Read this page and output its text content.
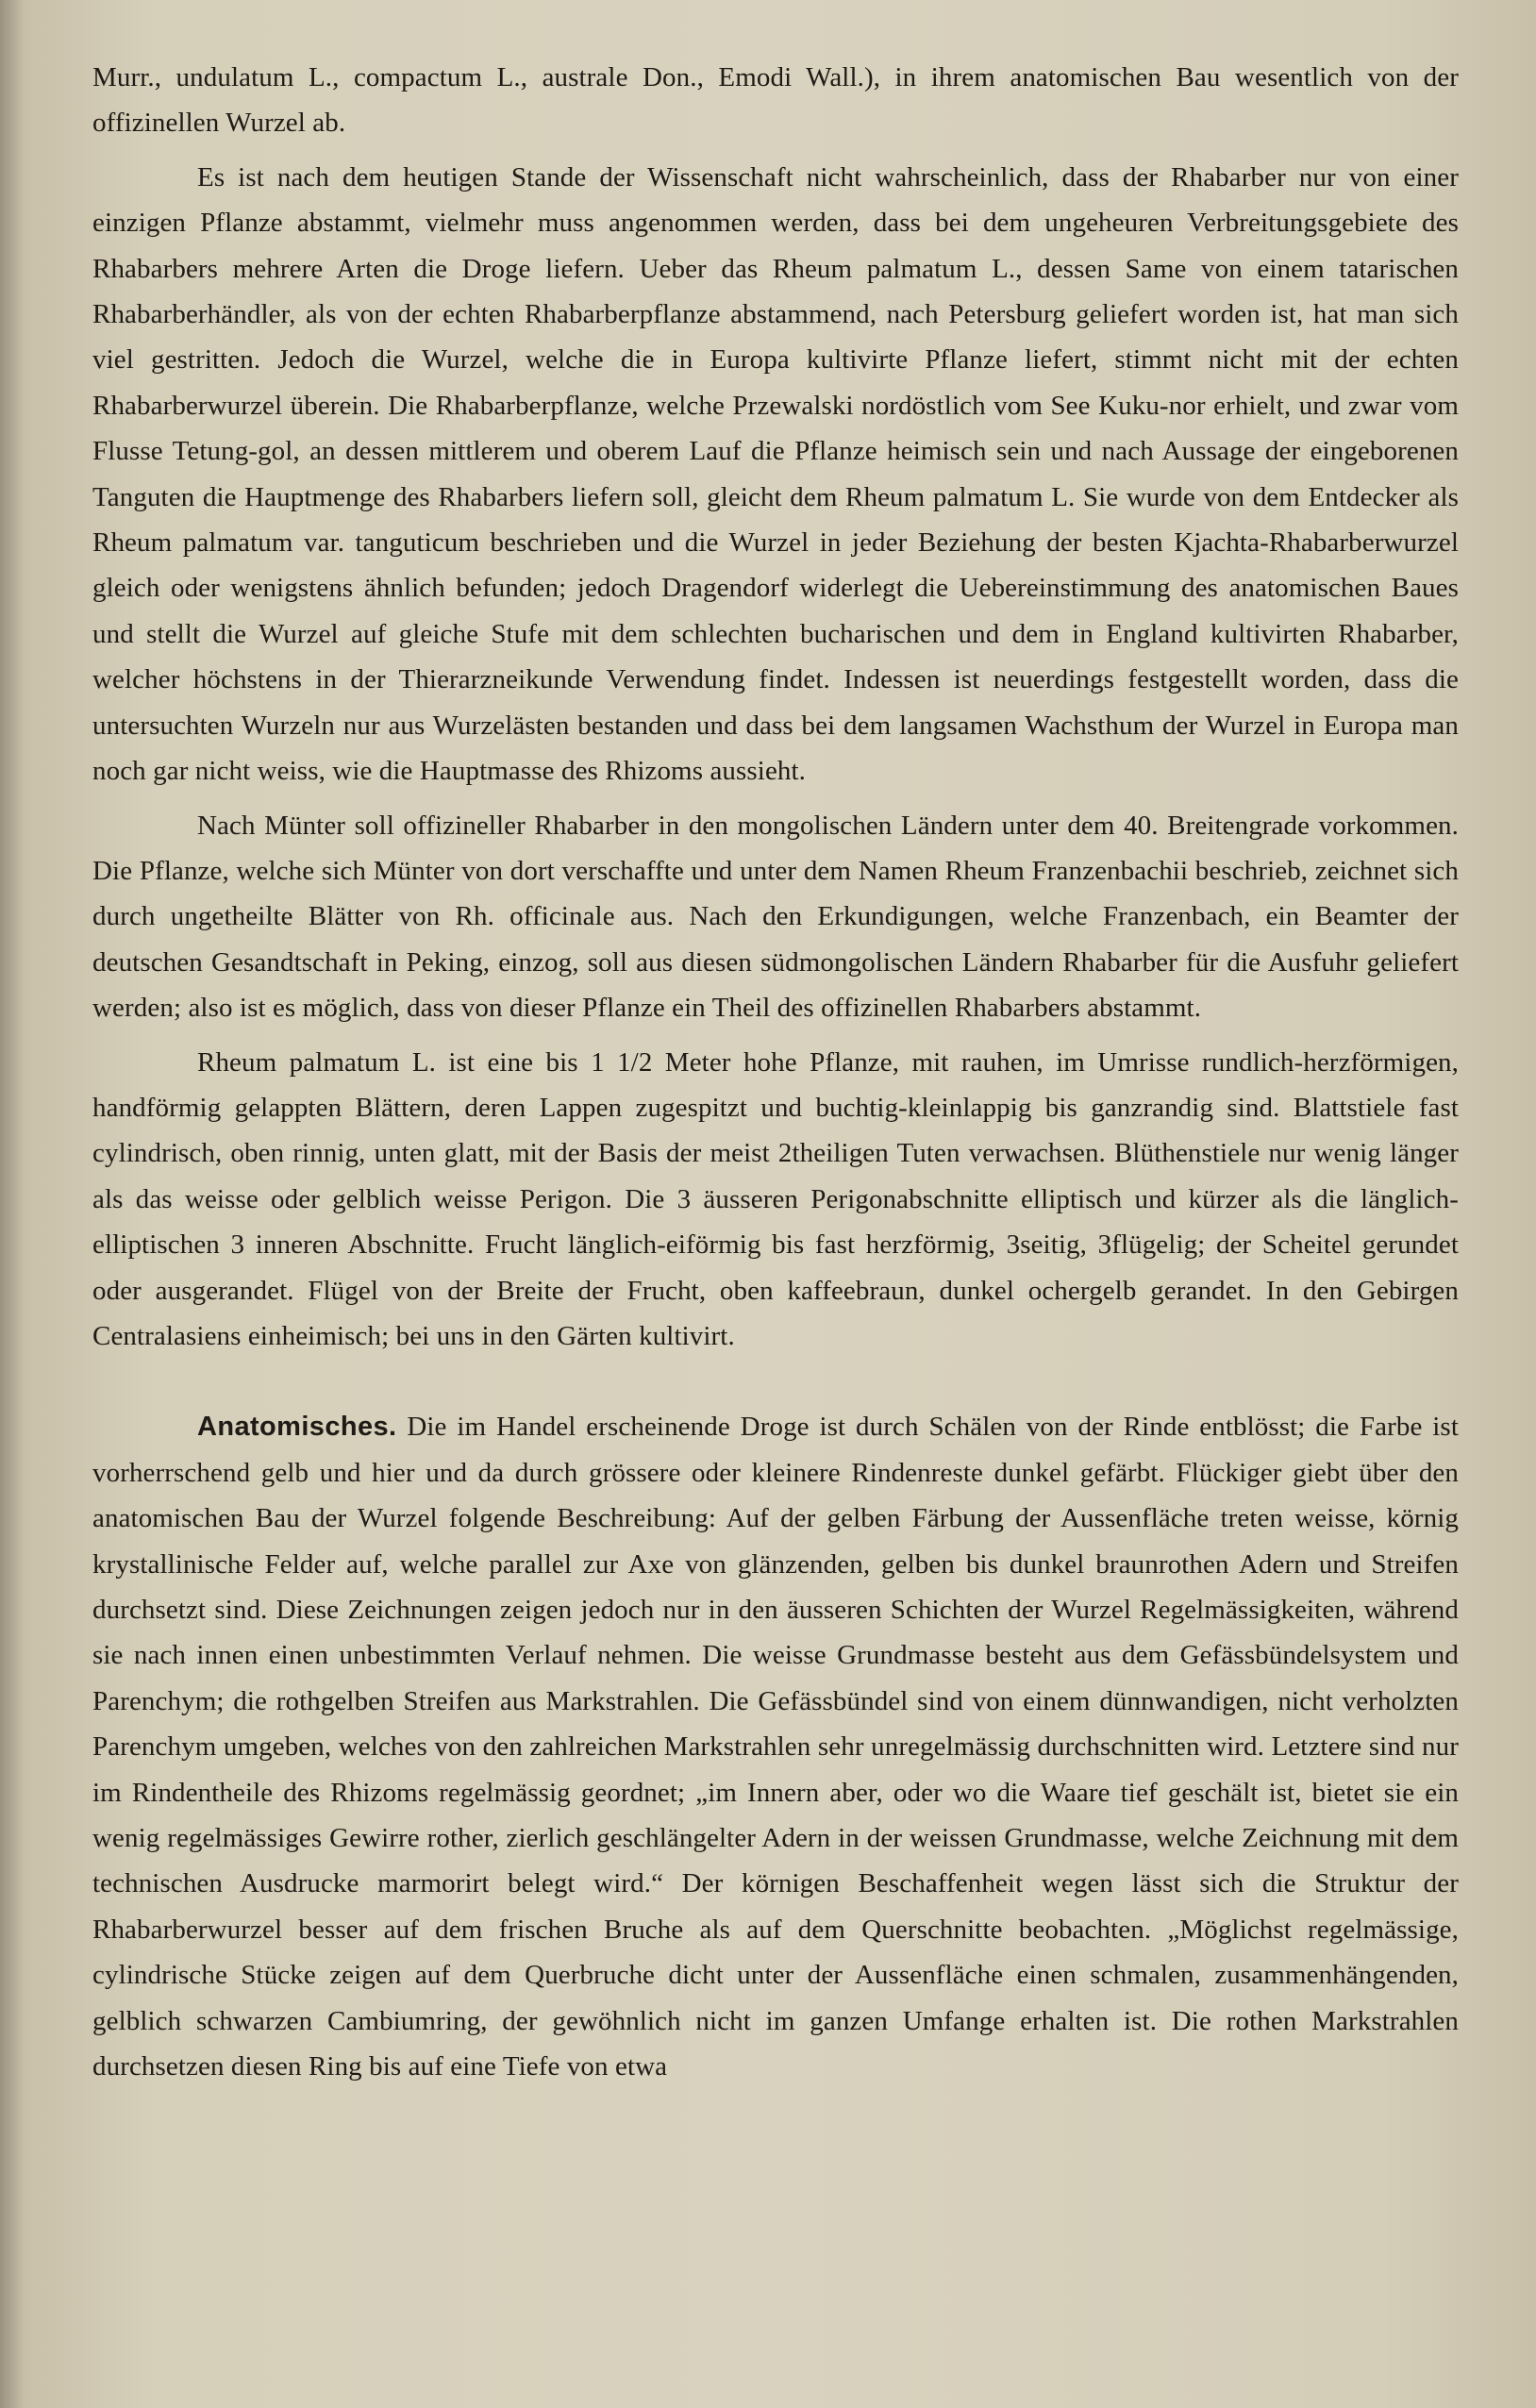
Murr., undulatum L., compactum L., australe Don., Emodi Wall.), in ihrem anatomischen Bau wesentlich von der offizinellen Wurzel ab.

Es ist nach dem heutigen Stande der Wissenschaft nicht wahrscheinlich, dass der Rhabarber nur von einer einzigen Pflanze abstammt, vielmehr muss angenommen werden, dass bei dem ungeheuren Verbreitungsgebiete des Rhabarbers mehrere Arten die Droge liefern. Ueber das Rheum palmatum L., dessen Same von einem tatarischen Rhabarberhändler, als von der echten Rhabarberpflanze abstammend, nach Petersburg geliefert worden ist, hat man sich viel gestritten. Jedoch die Wurzel, welche die in Europa kultivirte Pflanze liefert, stimmt nicht mit der echten Rhabarberwurzel überein. Die Rhabarberpflanze, welche Przewalski nordöstlich vom See Kuku-nor erhielt, und zwar vom Flusse Tetung-gol, an dessen mittlerem und oberem Lauf die Pflanze heimisch sein und nach Aussage der eingeborenen Tanguten die Hauptmenge des Rhabarbers liefern soll, gleicht dem Rheum palmatum L. Sie wurde von dem Entdecker als Rheum palmatum var. tanguticum beschrieben und die Wurzel in jeder Beziehung der besten Kjachta-Rhabarberwurzel gleich oder wenigstens ähnlich befunden; jedoch Dragendorf widerlegt die Uebereinstimmung des anatomischen Baues und stellt die Wurzel auf gleiche Stufe mit dem schlechten bucharischen und dem in England kultivirten Rhabarber, welcher höchstens in der Thierarzneikunde Verwendung findet. Indessen ist neuerdings festgestellt worden, dass die untersuchten Wurzeln nur aus Wurzelästen bestanden und dass bei dem langsamen Wachsthum der Wurzel in Europa man noch gar nicht weiss, wie die Hauptmasse des Rhizoms aussieht.

Nach Münter soll offizineller Rhabarber in den mongolischen Ländern unter dem 40. Breitengrade vorkommen. Die Pflanze, welche sich Münter von dort verschaffte und unter dem Namen Rheum Franzenbachii beschrieb, zeichnet sich durch ungetheilte Blätter von Rh. officinale aus. Nach den Erkundigungen, welche Franzenbach, ein Beamter der deutschen Gesandtschaft in Peking, einzog, soll aus diesen südmongolischen Ländern Rhabarber für die Ausfuhr geliefert werden; also ist es möglich, dass von dieser Pflanze ein Theil des offizinellen Rhabarbers abstammt.

Rheum palmatum L. ist eine bis 1 1/2 Meter hohe Pflanze, mit rauhen, im Umrisse rundlich-herzförmigen, handförmig gelappten Blättern, deren Lappen zugespitzt und buchtig-kleinlappig bis ganzrandig sind. Blattstiele fast cylindrisch, oben rinnig, unten glatt, mit der Basis der meist 2theiligen Tuten verwachsen. Blüthenstiele nur wenig länger als das weisse oder gelblich weisse Perigon. Die 3 äusseren Perigonabschnitte elliptisch und kürzer als die länglich-elliptischen 3 inneren Abschnitte. Frucht länglich-eiförmig bis fast herzförmig, 3seitig, 3flügelig; der Scheitel gerundet oder ausgerandet. Flügel von der Breite der Frucht, oben kaffeebraun, dunkel ochergelb gerandet. In den Gebirgen Centralasiens einheimisch; bei uns in den Gärten kultivirt.

Anatomisches. Die im Handel erscheinende Droge ist durch Schälen von der Rinde entblösst; die Farbe ist vorherrschend gelb und hier und da durch grössere oder kleinere Rindenreste dunkel gefärbt. Flückiger giebt über den anatomischen Bau der Wurzel folgende Beschreibung: Auf der gelben Färbung der Aussenfläche treten weisse, körnig krystallinische Felder auf, welche parallel zur Axe von glänzenden, gelben bis dunkel braunrothen Adern und Streifen durchsetzt sind. Diese Zeichnungen zeigen jedoch nur in den äusseren Schichten der Wurzel Regelmässigkeiten, während sie nach innen einen unbestimmten Verlauf nehmen. Die weisse Grundmasse besteht aus dem Gefässbündelsystem und Parenchym; die rothgelben Streifen aus Markstrahlen. Die Gefässbündel sind von einem dünnwandigen, nicht verholzten Parenchym umgeben, welches von den zahlreichen Markstrahlen sehr unregelmässig durchschnitten wird. Letztere sind nur im Rindentheile des Rhizoms regelmässig geordnet; „im Innern aber, oder wo die Waare tief geschält ist, bietet sie ein wenig regelmässiges Gewirre rother, zierlich geschlängelter Adern in der weissen Grundmasse, welche Zeichnung mit dem technischen Ausdrucke marmorirt belegt wird.“ Der körnigen Beschaffenheit wegen lässt sich die Struktur der Rhabarberwurzel besser auf dem frischen Bruche als auf dem Querschnitte beobachten. „Möglichst regelmässige, cylindrische Stücke zeigen auf dem Querbruche dicht unter der Aussenfläche einen schmalen, zusammenhängenden, gelblich schwarzen Cambiumring, der gewöhnlich nicht im ganzen Umfange erhalten ist. Die rothen Markstrahlen durchsetzen diesen Ring bis auf eine Tiefe von etwa
